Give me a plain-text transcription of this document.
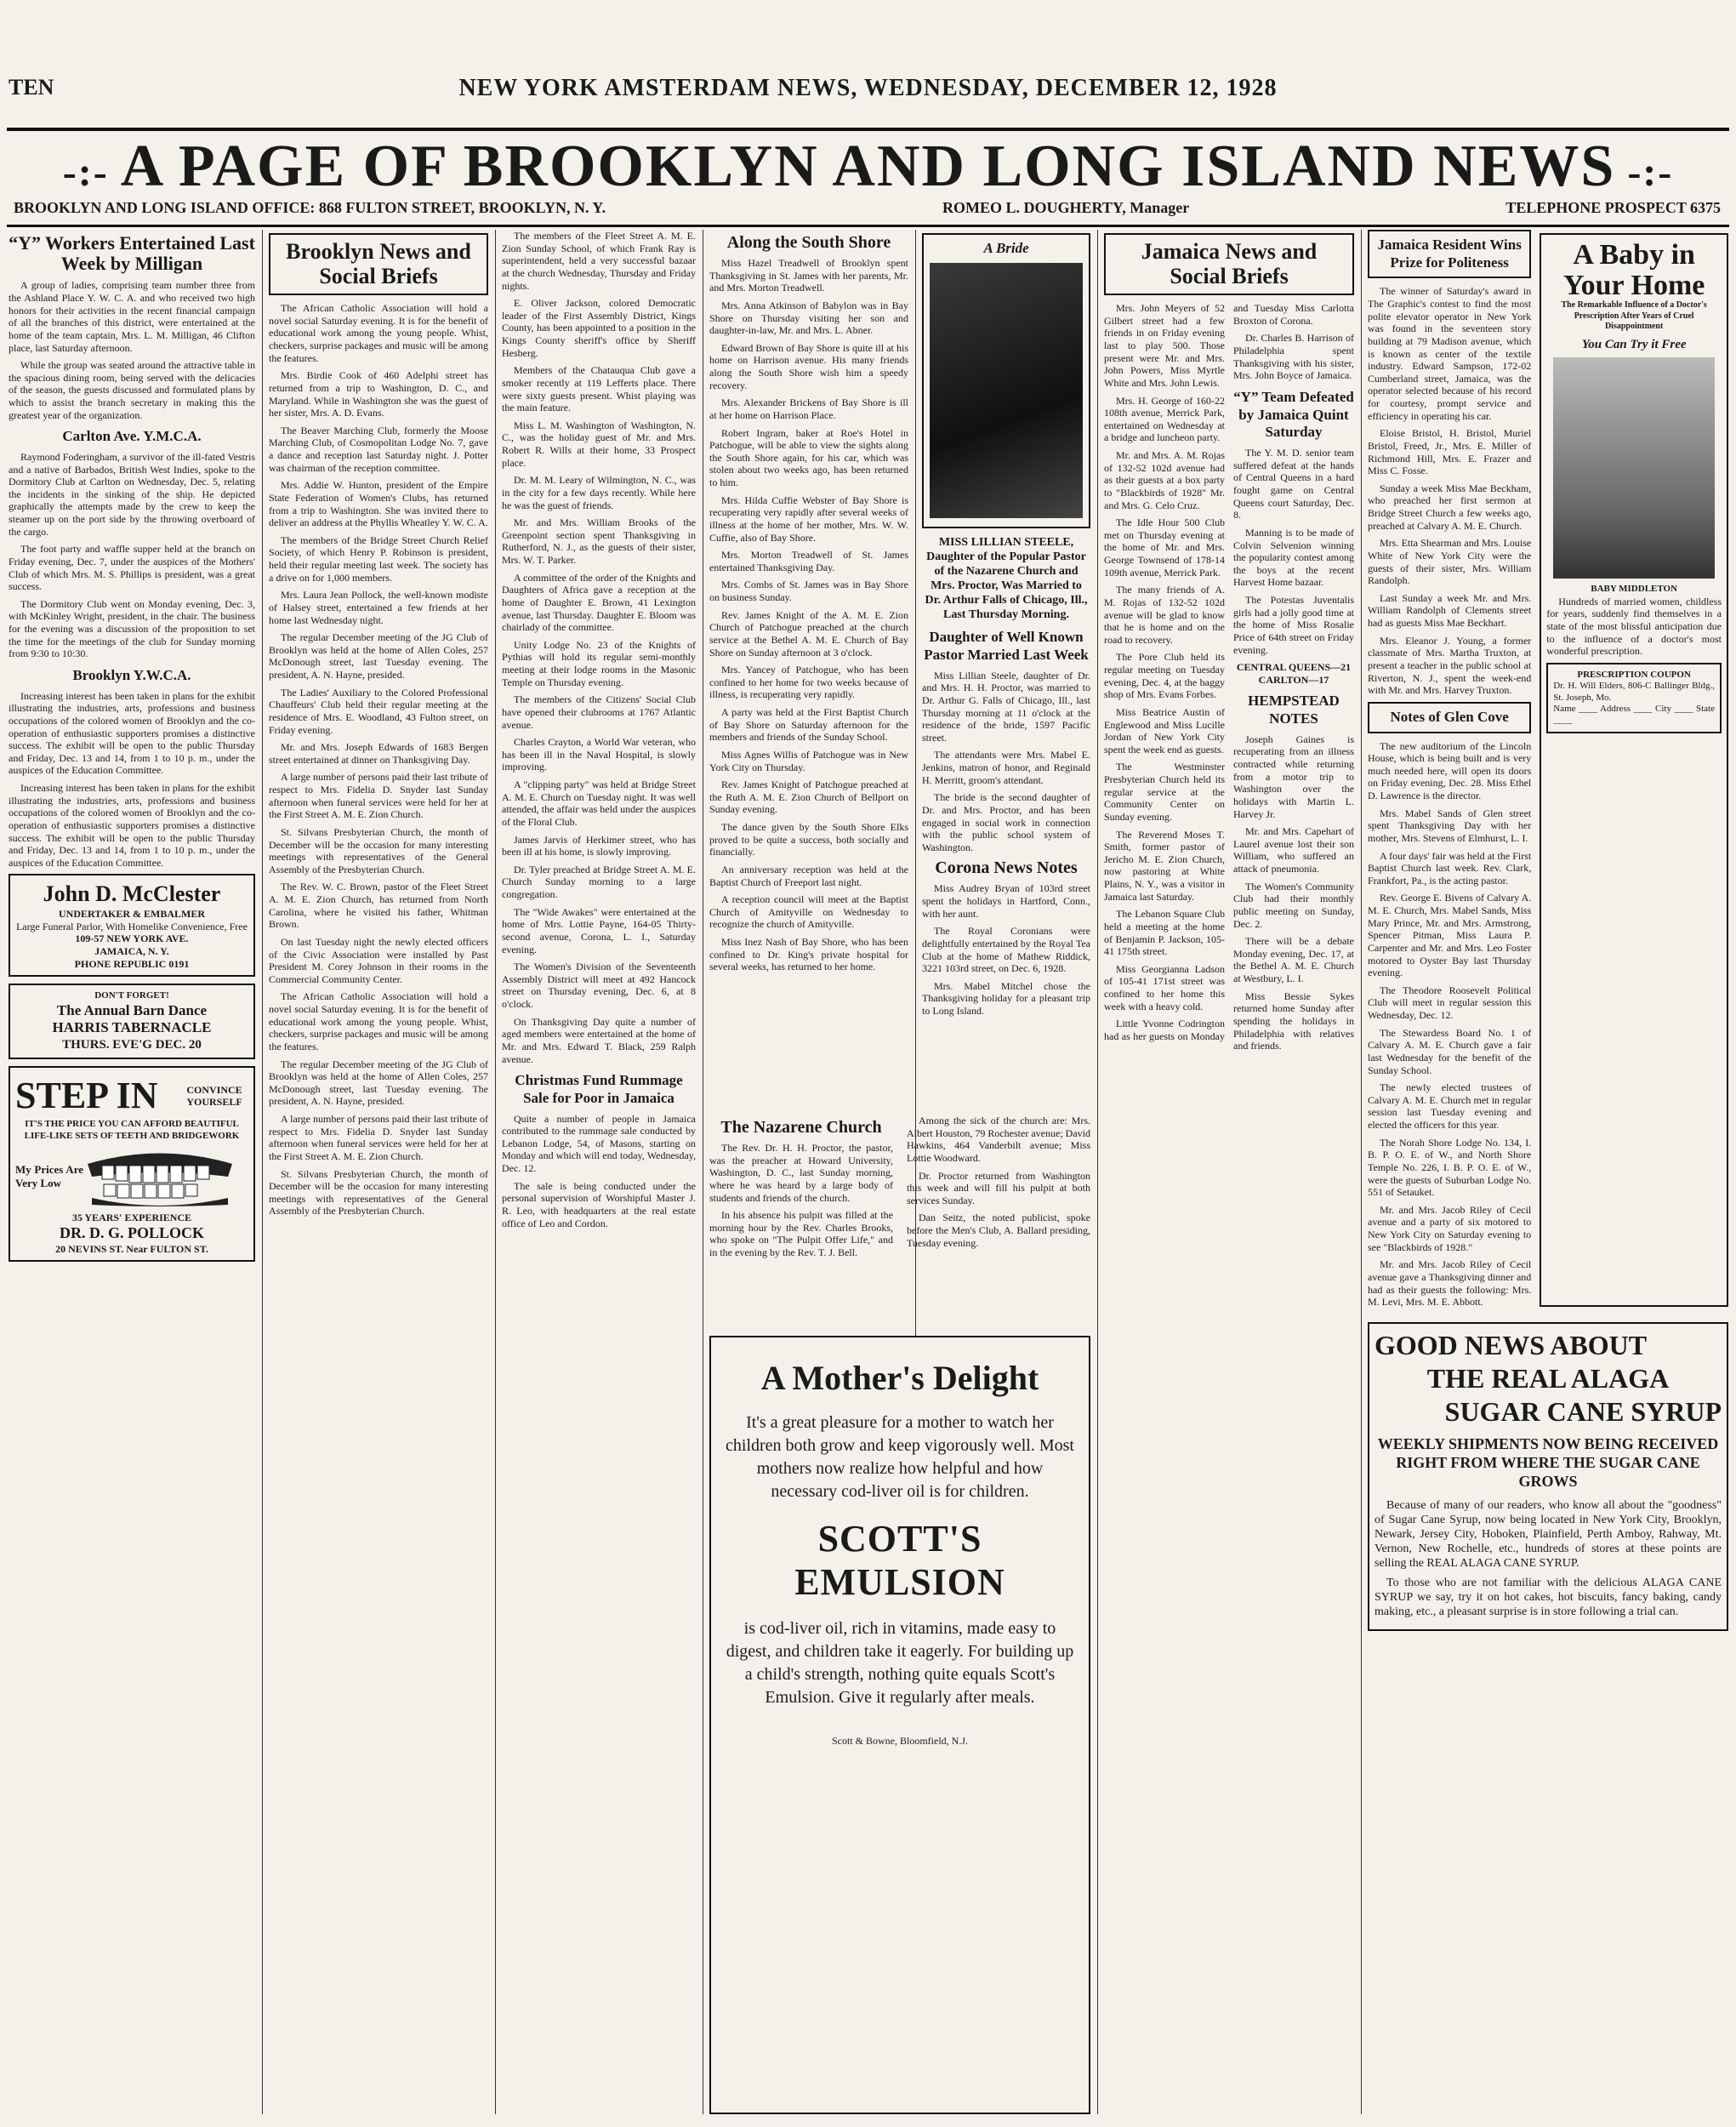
TEN	NEW YORK AMSTERDAM NEWS, WEDNESDAY, DECEMBER 12, 1928
-:- A PAGE OF BROOKLYN AND LONG ISLAND NEWS -:-
BROOKLYN AND LONG ISLAND OFFICE: 868 FULTON STREET, BROOKLYN, N. Y.	ROMEO L. DOUGHERTY, Manager	TELEPHONE PROSPECT 6375
“Y” Workers Entertained Last Week by Milligan

A group of ladies, comprising team number three from the Ashland Place Y. W. C. A. and who received two high honors for their activities in the recent financial campaign of all the branches of this district, were entertained at the home of the team captain, Mrs. L. M. Milligan, 46 Clifton place, last Saturday afternoon.

While the group was seated around the attractive table in the spacious dining room, being served with the delicacies of the season, the guests discussed and formulated plans by which to assist the branch secretary in making this the greatest year of the organization.

Carlton Ave. Y.M.C.A.

Raymond Foderingham, a survivor of the ill-fated Vestris and a native of Barbados, British West Indies, spoke to the Dormitory Club at Carlton on Wednesday, Dec. 5, relating the incidents in the sinking of the ship. He depicted graphically the attempts made by the crew to keep the steamer up on the port side by the throwing overboard of the cargo.

The foot party and waffle supper held at the branch on Friday evening, Dec. 7, under the auspices of the Mothers' Club of which Mrs. M. S. Phillips is president, was a great success.

The Dormitory Club went on Monday evening, Dec. 3, with McKinley Wright, president, in the chair. The business for the evening was a discussion of the proposition to set the time for the meetings of the club for Sunday morning from 9:30 to 10:30.

Brooklyn Y.W.C.A.

Increasing interest has been taken in plans for the exhibit illustrating the industries, arts, professions and business occupations of the colored women of Brooklyn and the co-operation of enthusiastic supporters promises a distinctive success. The exhibit will be open to the public Thursday and Friday, Dec. 13 and 14, from 1 to 10 p. m., under the auspices of the Education Committee.

Increasing interest has been taken in plans for the exhibit illustrating the industries, arts, professions and business occupations of the colored women of Brooklyn and the co-operation of enthusiastic supporters promises a distinctive success. The exhibit will be open to the public Thursday and Friday, Dec. 13 and 14, from 1 to 10 p. m., under the auspices of the Education Committee.

John D. McClester
UNDERTAKER & EMBALMER
Large Funeral Parlor, With Homelike Convenience, Free
109-57 NEW YORK AVE.
JAMAICA, N. Y.
PHONE REPUBLIC 0191
DON'T FORGET!
The Annual Barn Dance
HARRIS TABERNACLE
THURS. EVE'G DEC. 20
STEP IN	CONVINCE YOURSELF
IT'S THE PRICE YOU CAN AFFORD BEAUTIFUL LIFE-LIKE SETS OF TEETH AND BRIDGEWORK
My Prices Are Very Low
35 YEARS' EXPERIENCE
DR. D. G. POLLOCK
20 NEVINS ST. Near FULTON ST.
Brooklyn News and Social Briefs

The African Catholic Association will hold a novel social Saturday evening. It is for the benefit of educational work among the young people. Whist, checkers, surprise packages and music will be among the features.

Mrs. Birdie Cook of 460 Adelphi street has returned from a trip to Washington, D. C., and Maryland. While in Washington she was the guest of her sister, Mrs. A. D. Evans.

The Beaver Marching Club, formerly the Moose Marching Club, of Cosmopolitan Lodge No. 7, gave a dance and reception last Saturday night. J. Potter was chairman of the reception committee.

Mrs. Addie W. Hunton, president of the Empire State Federation of Women's Clubs, has returned from a trip to Washington. She was invited there to deliver an address at the Phyllis Wheatley Y. W. C. A.

The members of the Bridge Street Church Relief Society, of which Henry P. Robinson is president, held their regular meeting last week. The society has a drive on for 1,000 members.

Mrs. Laura Jean Pollock, the well-known modiste of Halsey street, entertained a few friends at her home last Wednesday night.

The regular December meeting of the JG Club of Brooklyn was held at the home of Allen Coles, 257 McDonough street, last Tuesday evening. The president, A. N. Hayne, presided.

The Ladies' Auxiliary to the Colored Professional Chauffeurs' Club held their regular meeting at the residence of Mrs. E. Woodland, 43 Fulton street, on Friday evening.

Mr. and Mrs. Joseph Edwards of 1683 Bergen street entertained at dinner on Thanksgiving Day.

A large number of persons paid their last tribute of respect to Mrs. Fidelia D. Snyder last Sunday afternoon when funeral services were held for her at the First Street A. M. E. Zion Church.

St. Silvans Presbyterian Church, the month of December will be the occasion for many interesting meetings with representatives of the General Assembly of the Presbyterian Church.

The Rev. W. C. Brown, pastor of the Fleet Street A. M. E. Zion Church, has returned from North Carolina, where he visited his father, Whitman Brown.

On last Tuesday night the newly elected officers of the Civic Association were installed by Past President M. Corey Johnson in their rooms in the Commercial Community Center.

The African Catholic Association will hold a novel social Saturday evening. It is for the benefit of educational work among the young people. Whist, checkers, surprise packages and music will be among the features.

The regular December meeting of the JG Club of Brooklyn was held at the home of Allen Coles, 257 McDonough street, last Tuesday evening. The president, A. N. Hayne, presided.

A large number of persons paid their last tribute of respect to Mrs. Fidelia D. Snyder last Sunday afternoon when funeral services were held for her at the First Street A. M. E. Zion Church.

St. Silvans Presbyterian Church, the month of December will be the occasion for many interesting meetings with representatives of the General Assembly of the Presbyterian Church.

The members of the Fleet Street A. M. E. Zion Sunday School, of which Frank Ray is superintendent, held a very successful bazaar at the church Wednesday, Thursday and Friday nights.

E. Oliver Jackson, colored Democratic leader of the First Assembly District, Kings County, has been appointed to a position in the Kings County sheriff's office by Sheriff Hesberg.

Members of the Chatauqua Club gave a smoker recently at 119 Lefferts place. There were sixty guests present. Whist playing was the main feature.

Miss L. M. Washington of Washington, N. C., was the holiday guest of Mr. and Mrs. Robert R. Wills at their home, 33 Prospect place.

Dr. M. M. Leary of Wilmington, N. C., was in the city for a few days recently. While here he was the guest of friends.

Mr. and Mrs. William Brooks of the Greenpoint section spent Thanksgiving in Rutherford, N. J., as the guests of their sister, Mrs. W. T. Parker.

A committee of the order of the Knights and Daughters of Africa gave a reception at the home of Daughter E. Brown, 41 Lexington avenue, last Thursday. Daughter E. Bloom was chairlady of the committee.

Unity Lodge No. 23 of the Knights of Pythias will hold its regular semi-monthly meeting at their lodge rooms in the Masonic Temple on Thursday evening.

The members of the Citizens' Social Club have opened their clubrooms at 1767 Atlantic avenue.

Charles Crayton, a World War veteran, who has been ill in the Naval Hospital, is slowly improving.

A "clipping party" was held at Bridge Street A. M. E. Church on Tuesday night. It was well attended, the affair was held under the auspices of the Floral Club.

James Jarvis of Herkimer street, who has been ill at his home, is slowly improving.

Dr. Tyler preached at Bridge Street A. M. E. Church Sunday morning to a large congregation.

The "Wide Awakes" were entertained at the home of Mrs. Lottie Payne, 164-05 Thirty-second avenue, Corona, L. I., Saturday evening.

The Women's Division of the Seventeenth Assembly District will meet at 492 Hancock street on Thursday evening, Dec. 6, at 8 o'clock.

On Thanksgiving Day quite a number of aged members were entertained at the home of Mr. and Mrs. Edward T. Black, 259 Ralph avenue.

Christmas Fund Rummage Sale for Poor in Jamaica

Quite a number of people in Jamaica contributed to the rummage sale conducted by Lebanon Lodge, 54, of Masons, starting on Monday and which will end today, Wednesday, Dec. 12.

The sale is being conducted under the personal supervision of Worshipful Master J. R. Leo, with headquarters at the real estate office of Leo and Cordon.

Along the South Shore

Miss Hazel Treadwell of Brooklyn spent Thanksgiving in St. James with her parents, Mr. and Mrs. Morton Treadwell.

Mrs. Anna Atkinson of Babylon was in Bay Shore on Thursday visiting her son and daughter-in-law, Mr. and Mrs. L. Abner.

Edward Brown of Bay Shore is quite ill at his home on Harrison avenue. His many friends along the South Shore wish him a speedy recovery.

Mrs. Alexander Brickens of Bay Shore is ill at her home on Harrison Place.

Robert Ingram, baker at Roe's Hotel in Patchogue, will be able to view the sights along the South Shore again, for his car, which was stolen about two weeks ago, has been returned to him.

Mrs. Hilda Cuffie Webster of Bay Shore is recuperating very rapidly after several weeks of illness at the home of her mother, Mrs. W. W. Cuffie, also of Bay Shore.

Mrs. Morton Treadwell of St. James entertained Thanksgiving Day.

Mrs. Combs of St. James was in Bay Shore on business Sunday.

Rev. James Knight of the A. M. E. Zion Church of Patchogue preached at the church service at the Bethel A. M. E. Church of Bay Shore on Sunday afternoon at 3 o'clock.

Mrs. Yancey of Patchogue, who has been confined to her home for two weeks because of illness, is recuperating very rapidly.

A party was held at the First Baptist Church of Bay Shore on Saturday afternoon for the members and friends of the Sunday School.

Miss Agnes Willis of Patchogue was in New York City on Thursday.

Rev. James Knight of Patchogue preached at the Ruth A. M. E. Zion Church of Bellport on Sunday evening.

The dance given by the South Shore Elks proved to be quite a success, both socially and financially.

An anniversary reception was held at the Baptist Church of Freeport last night.

A reception council will meet at the Baptist Church of Amityville on Wednesday to recognize the church of Amityville.

Miss Inez Nash of Bay Shore, who has been confined to Dr. King's private hospital for several weeks, has returned to her home.

A Bride
MISS LILLIAN STEELE, Daughter of the Popular Pastor of the Nazarene Church and Mrs. Proctor, Was Married to Dr. Arthur Falls of Chicago, Ill., Last Thursday Morning.
Daughter of Well Known Pastor Married Last Week

Miss Lillian Steele, daughter of Dr. and Mrs. H. H. Proctor, was married to Dr. Arthur G. Falls of Chicago, Ill., last Thursday morning at 11 o'clock at the residence of the bride, 1597 Pacific street.

The attendants were Mrs. Mabel E. Jenkins, matron of honor, and Reginald H. Merritt, groom's attendant.

The bride is the second daughter of Dr. and Mrs. Proctor, and has been engaged in social work in connection with the public school system of Washington.

Corona News Notes

Miss Audrey Bryan of 103rd street spent the holidays in Hartford, Conn., with her aunt.

The Royal Coronians were delightfully entertained by the Royal Tea Club at the home of Mathew Riddick, 3221 103rd street, on Dec. 6, 1928.

Mrs. Mabel Mitchel chose the Thanksgiving holiday for a pleasant trip to Long Island.

The Nazarene Church

The Rev. Dr. H. H. Proctor, the pastor, was the preacher at Howard University, Washington, D. C., last Sunday morning, where he was heard by a large body of students and friends of the church.

In his absence his pulpit was filled at the morning hour by the Rev. Charles Brooks, who spoke on "The Pulpit Offer Life," and in the evening by the Rev. T. J. Bell.

Among the sick of the church are: Mrs. Albert Houston, 79 Rochester avenue; David Hawkins, 464 Vanderbilt avenue; Miss Lottie Woodward.

Dr. Proctor returned from Washington this week and will fill his pulpit at both services Sunday.

Dan Seitz, the noted publicist, spoke before the Men's Club, A. Ballard presiding, Tuesday evening.

A Mother's Delight
It's a great pleasure for a mother to watch her children both grow and keep vigorously well. Most mothers now realize how helpful and how necessary cod-liver oil is for children.
SCOTT'S EMULSION
is cod-liver oil, rich in vitamins, made easy to digest, and children take it eagerly. For building up a child's strength, nothing quite equals Scott's Emulsion. Give it regularly after meals.
Scott & Bowne, Bloomfield, N.J.
Jamaica News and Social Briefs

Mrs. John Meyers of 52 Gilbert street had a few friends in on Friday evening last to play 500. Those present were Mr. and Mrs. John Powers, Miss Myrtle White and Mrs. John Lewis.

Mrs. H. George of 160-22 108th avenue, Merrick Park, entertained on Wednesday at a bridge and luncheon party.

Mr. and Mrs. A. M. Rojas of 132-52 102d avenue had as their guests at a box party to "Blackbirds of 1928" Mr. and Mrs. G. Celo Cruz.

The Idle Hour 500 Club met on Thursday evening at the home of Mr. and Mrs. George Townsend of 178-14 109th avenue, Merrick Park.

The many friends of A. M. Rojas of 132-52 102d avenue will be glad to know that he is home and on the road to recovery.

The Pore Club held its regular meeting on Tuesday evening, Dec. 4, at the baggy shop of Mrs. Evans Forbes.

Miss Beatrice Austin of Englewood and Miss Lucille Jordan of New York City spent the week end as guests.

The Westminster Presbyterian Church held its regular service at the Community Center on Sunday evening.

The Reverend Moses T. Smith, former pastor of Jericho M. E. Zion Church, now pastoring at White Plains, N. Y., was a visitor in Jamaica last Saturday.

The Lebanon Square Club held a meeting at the home of Benjamin P. Jackson, 105-41 175th street.

Miss Georgianna Ladson of 105-41 171st street was confined to her home this week with a heavy cold.

Little Yvonne Codrington had as her guests on Monday and Tuesday Miss Carlotta Broxton of Corona.

Dr. Charles B. Harrison of Philadelphia spent Thanksgiving with his sister, Mrs. John Boyce of Jamaica.

“Y” Team Defeated by Jamaica Quint Saturday

The Y. M. D. senior team suffered defeat at the hands of Central Queens in a hard fought game on Central Queens court Saturday, Dec. 8.

Manning is to be made of Colvin Selvenion winning the popularity contest among the boys at the recent Harvest Home bazaar.

The Potestas Juventalis girls had a jolly good time at the home of Miss Rosalie Price of 64th street on Friday evening.

CENTRAL QUEENS—21
CARLTON—17
HEMPSTEAD NOTES

Joseph Gaines is recuperating from an illness contracted while returning from a motor trip to Washington over the holidays with Martin L. Harvey Jr.

Mr. and Mrs. Capehart of Laurel avenue lost their son William, who suffered an attack of pneumonia.

The Women's Community Club had their monthly public meeting on Sunday, Dec. 2.

There will be a debate Monday evening, Dec. 17, at the Bethel A. M. E. Church at Westbury, L. I.

Miss Bessie Sykes returned home Sunday after spending the holidays in Philadelphia with relatives and friends.

Jamaica Resident Wins Prize for Politeness

The winner of Saturday's award in The Graphic's contest to find the most polite elevator operator in New York was found in the seventeen story building at 79 Madison avenue, which is known as center of the textile industry. Edward Sampson, 172-02 Cumberland street, Jamaica, was the operator selected because of his record for courtesy, prompt service and efficiency in operating his car.

Eloise Bristol, H. Bristol, Muriel Bristol, Freed, Jr., Mrs. E. Miller of Richmond Hill, Mrs. E. Frazer and Miss C. Fosse.

Sunday a week Miss Mae Beckham, who preached her first sermon at Bridge Street Church a few weeks ago, preached at Calvary A. M. E. Church.

Mrs. Etta Shearman and Mrs. Louise White of New York City were the guests of their sister, Mrs. William Randolph.

Last Sunday a week Mr. and Mrs. William Randolph of Clements street had as guests Miss Mae Beckhart.

Mrs. Eleanor J. Young, a former classmate of Mrs. Martha Truxton, at present a teacher in the public school at Riverton, N. J., spent the week-end with Mr. and Mrs. Harvey Truxton.

Notes of Glen Cove

The new auditorium of the Lincoln House, which is being built and is very much needed here, will open its doors on Friday evening, Dec. 28. Miss Ethel D. Lawrence is the director.

Mrs. Mabel Sands of Glen street spent Thanksgiving Day with her mother, Mrs. Stevens of Elmhurst, L. I.

A four days' fair was held at the First Baptist Church last week. Rev. Clark, Frankfort, Pa., is the acting pastor.

Rev. George E. Bivens of Calvary A. M. E. Church, Mrs. Mabel Sands, Miss Mary Prince, Mr. and Mrs. Armstrong, Spencer Pitman, Miss Laura P. Carpenter and Mr. and Mrs. Leo Foster motored to Oyster Bay last Thursday evening.

The Theodore Roosevelt Political Club will meet in regular session this Wednesday, Dec. 12.

The Stewardess Board No. 1 of Calvary A. M. E. Church gave a fair last Wednesday for the benefit of the Sunday School.

The newly elected trustees of Calvary A. M. E. Church met in regular session last Tuesday evening and elected the officers for this year.

The Norah Shore Lodge No. 134, I. B. P. O. E. of W., and North Shore Temple No. 226, I. B. P. O. E. of W., were the guests of Suburban Lodge No. 551 of Setauket.

Mr. and Mrs. Jacob Riley of Cecil avenue and a party of six motored to New York City on Saturday evening to see "Blackbirds of 1928."

Mr. and Mrs. Jacob Riley of Cecil avenue gave a Thanksgiving dinner and had as their guests the following: Mrs. M. Levi, Mrs. M. E. Abbott.

A Baby in Your Home
The Remarkable Influence of a Doctor's Prescription After Years of Cruel Disappointment
You Can Try it Free
BABY MIDDLETON

Hundreds of married women, childless for years, suddenly find themselves in a state of the most blissful anticipation due to the influence of a doctor's most wonderful prescription.

PRESCRIPTION COUPON
Dr. H. Will Elders, 806-C Ballinger Bldg., St. Joseph, Mo.
Name ____ Address ____ City ____ State ____
GOOD NEWS ABOUT
THE REAL ALAGA
SUGAR CANE SYRUP
WEEKLY SHIPMENTS NOW BEING RECEIVED RIGHT FROM WHERE THE SUGAR CANE GROWS

Because of many of our readers, who know all about the "goodness" of Sugar Cane Syrup, now being located in New York City, Brooklyn, Newark, Jersey City, Hoboken, Plainfield, Perth Amboy, Rahway, Mt. Vernon, New Rochelle, etc., hundreds of stores at these points are selling the REAL ALAGA CANE SYRUP.

To those who are not familiar with the delicious ALAGA CANE SYRUP we say, try it on hot cakes, hot biscuits, fancy baking, candy making, etc., a pleasant surprise is in store following a trial can.
